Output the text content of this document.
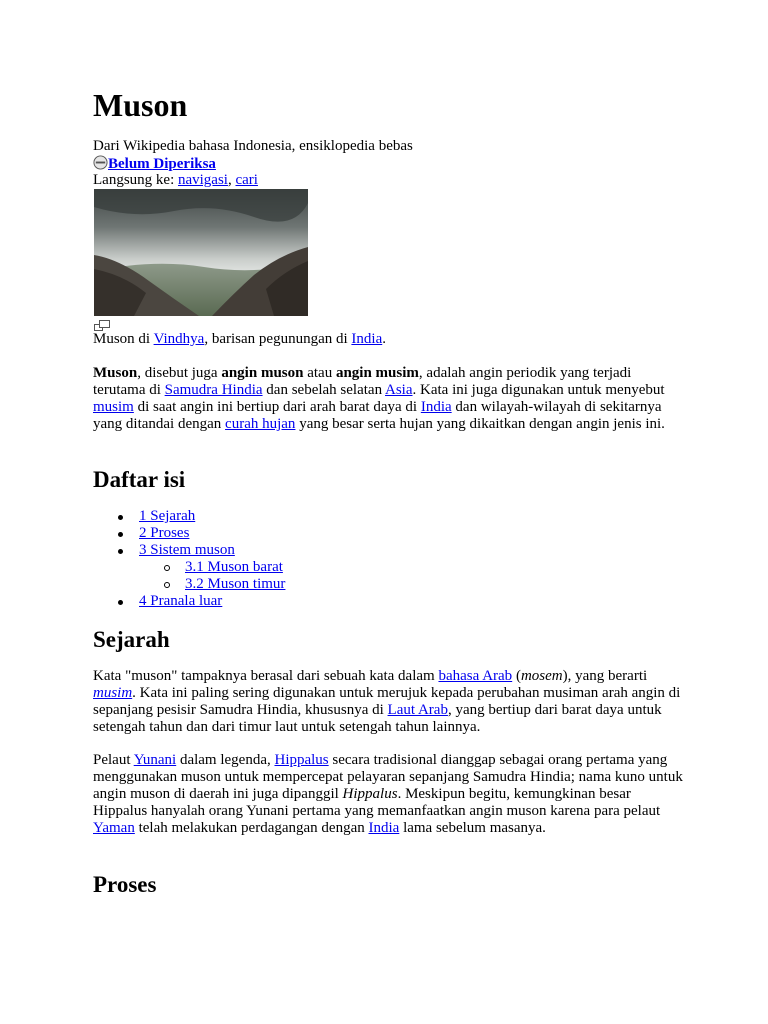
Muson

Dari Wikipedia bahasa Indonesia, ensiklopedia bebas

Belum Diperiksa

Langsung ke: navigasi, cari

Muson di Vindhya, barisan pegunungan di India.

Muson, disebut juga angin muson atau angin musim, adalah angin periodik yang terjadi terutama di Samudra Hindia dan sebelah selatan Asia. Kata ini juga digunakan untuk menyebut musim di saat angin ini bertiup dari arah barat daya di India dan wilayah-wilayah di sekitarnya yang ditandai dengan curah hujan yang besar serta hujan yang dikaitkan dengan angin jenis ini.

Daftar isi
1 Sejarah
2 Proses
3 Sistem muson
3.1 Muson barat
3.2 Muson timur
4 Pranala luar
Sejarah

Kata "muson" tampaknya berasal dari sebuah kata dalam bahasa Arab (mosem), yang berarti musim. Kata ini paling sering digunakan untuk merujuk kepada perubahan musiman arah angin di sepanjang pesisir Samudra Hindia, khususnya di Laut Arab, yang bertiup dari barat daya untuk setengah tahun dan dari timur laut untuk setengah tahun lainnya.

Pelaut Yunani dalam legenda, Hippalus secara tradisional dianggap sebagai orang pertama yang menggunakan muson untuk mempercepat pelayaran sepanjang Samudra Hindia; nama kuno untuk angin muson di daerah ini juga dipanggil Hippalus. Meskipun begitu, kemungkinan besar Hippalus hanyalah orang Yunani pertama yang memanfaatkan angin muson karena para pelaut Yaman telah melakukan perdagangan dengan India lama sebelum masanya.

Proses
